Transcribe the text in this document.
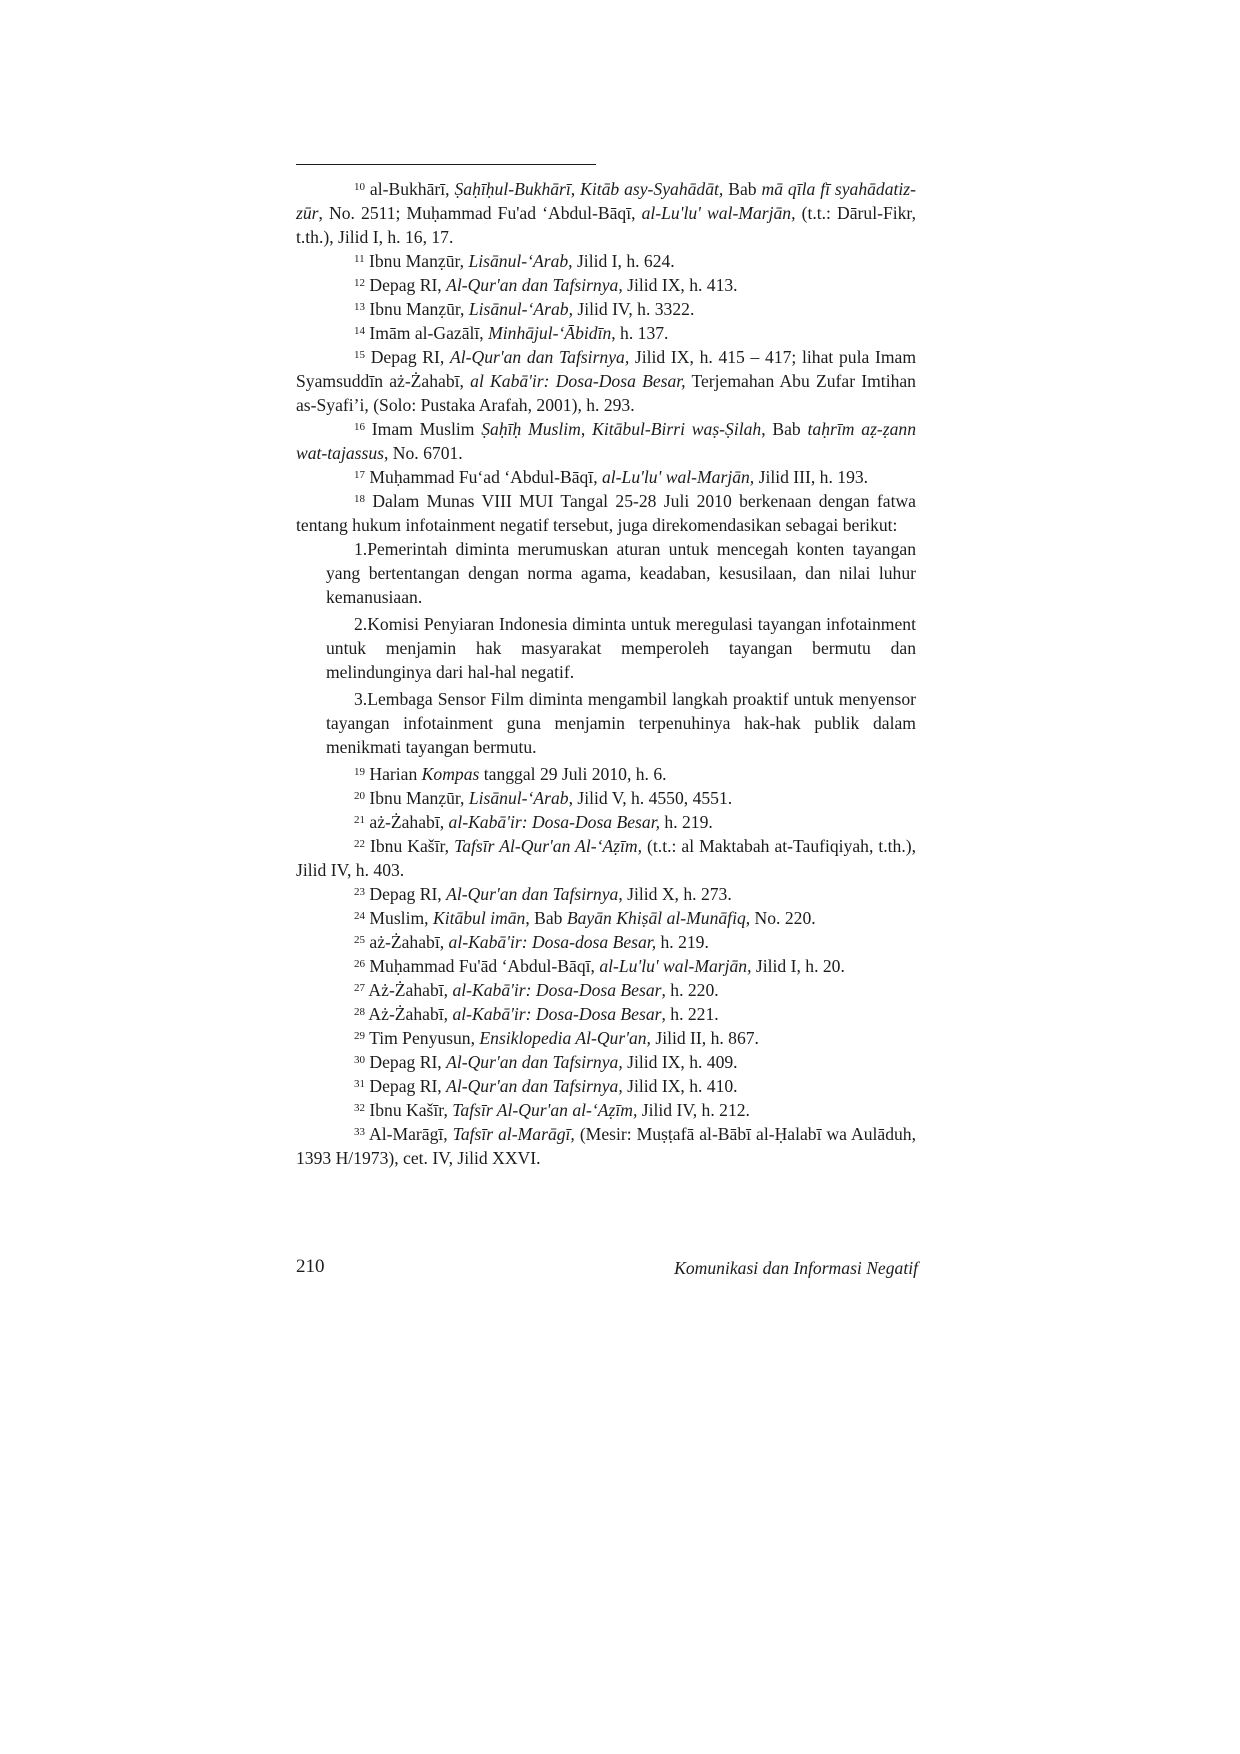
$^{10}$ al-Bukhārī, Ṣaḥīḥul-Bukhārī, Kitāb asy-Syahādāt, Bab mā qīla fī syahādatiz-zūr, No. 2511; Muḥammad Fu'ad ‘Abdul-Bāqī, al-Lu'lu' wal-Marjān, (t.t.: Dārul-Fikr, t.th.), Jilid I, h. 16, 17.

$^{11}$ Ibnu Manẓūr, Lisānul-‘Arab, Jilid I, h. 624.

$^{12}$ Depag RI, Al-Qur'an dan Tafsirnya, Jilid IX, h. 413.

$^{13}$ Ibnu Manẓūr, Lisānul-‘Arab, Jilid IV, h. 3322.

$^{14}$ Imām al-Gazālī, Minhājul-‘Ābidīn, h. 137.

$^{15}$ Depag RI, Al-Qur'an dan Tafsirnya, Jilid IX, h. 415 – 417; lihat pula Imam Syamsuddīn aż-Żahabī, al Kabā'ir: Dosa-Dosa Besar, Terjemahan Abu Zufar Imtihan as-Syafi’i, (Solo: Pustaka Arafah, 2001), h. 293.

$^{16}$ Imam Muslim Ṣaḥīḥ Muslim, Kitābul-Birri waṣ-Ṣilah, Bab taḥrīm aẓ-ẓann wat-tajassus, No. 6701.

$^{17}$ Muḥammad Fu‘ad ‘Abdul-Bāqī, al-Lu'lu' wal-Marjān, Jilid III, h. 193.

$^{18}$ Dalam Munas VIII MUI Tangal 25-28 Juli 2010 berkenaan dengan fatwa tentang hukum infotainment negatif tersebut, juga direkomendasikan sebagai berikut:

1.Pemerintah diminta merumuskan aturan untuk mencegah konten tayangan yang bertentangan dengan norma agama, keadaban, kesusilaan, dan nilai luhur kemanusiaan.

2.Komisi Penyiaran Indonesia diminta untuk meregulasi tayangan infotainment untuk menjamin hak masyarakat memperoleh tayangan bermutu dan melindunginya dari hal-hal negatif.

3.Lembaga Sensor Film diminta mengambil langkah proaktif untuk menyensor tayangan infotainment guna menjamin terpenuhinya hak-hak publik dalam menikmati tayangan bermutu.

$^{19}$ Harian Kompas tanggal 29 Juli 2010, h. 6.

$^{20}$ Ibnu Manẓūr, Lisānul-‘Arab, Jilid V, h. 4550, 4551.

$^{21}$ aż-Żahabī, al-Kabā'ir: Dosa-Dosa Besar, h. 219.

$^{22}$ Ibnu Kašīr, Tafsīr Al-Qur'an Al-‘Aẓīm, (t.t.: al Maktabah at-Taufiqiyah, t.th.), Jilid IV, h. 403.

$^{23}$ Depag RI, Al-Qur'an dan Tafsirnya, Jilid X, h. 273.

$^{24}$ Muslim, Kitābul imān, Bab Bayān Khiṣāl al-Munāfiq, No. 220.

$^{25}$ aż-Żahabī, al-Kabā'ir: Dosa-dosa Besar, h. 219.

$^{26}$ Muḥammad Fu'ād ‘Abdul-Bāqī, al-Lu'lu' wal-Marjān, Jilid I, h. 20.

$^{27}$ Aż-Żahabī, al-Kabā'ir: Dosa-Dosa Besar, h. 220.

$^{28}$ Aż-Żahabī, al-Kabā'ir: Dosa-Dosa Besar, h. 221.

$^{29}$ Tim Penyusun, Ensiklopedia Al-Qur'an, Jilid II, h. 867.

$^{30}$ Depag RI, Al-Qur'an dan Tafsirnya, Jilid IX, h. 409.

$^{31}$ Depag RI, Al-Qur'an dan Tafsirnya, Jilid IX, h. 410.

$^{32}$ Ibnu Kašīr, Tafsīr Al-Qur'an al-‘Aẓīm, Jilid IV, h. 212.

$^{33}$ Al-Marāgī, Tafsīr al-Marāgī, (Mesir: Muṣṭafā al-Bābī al-Ḥalabī wa Aulāduh, 1393 H/1973), cet. IV, Jilid XXVI.

210	Komunikasi dan Informasi Negatif
